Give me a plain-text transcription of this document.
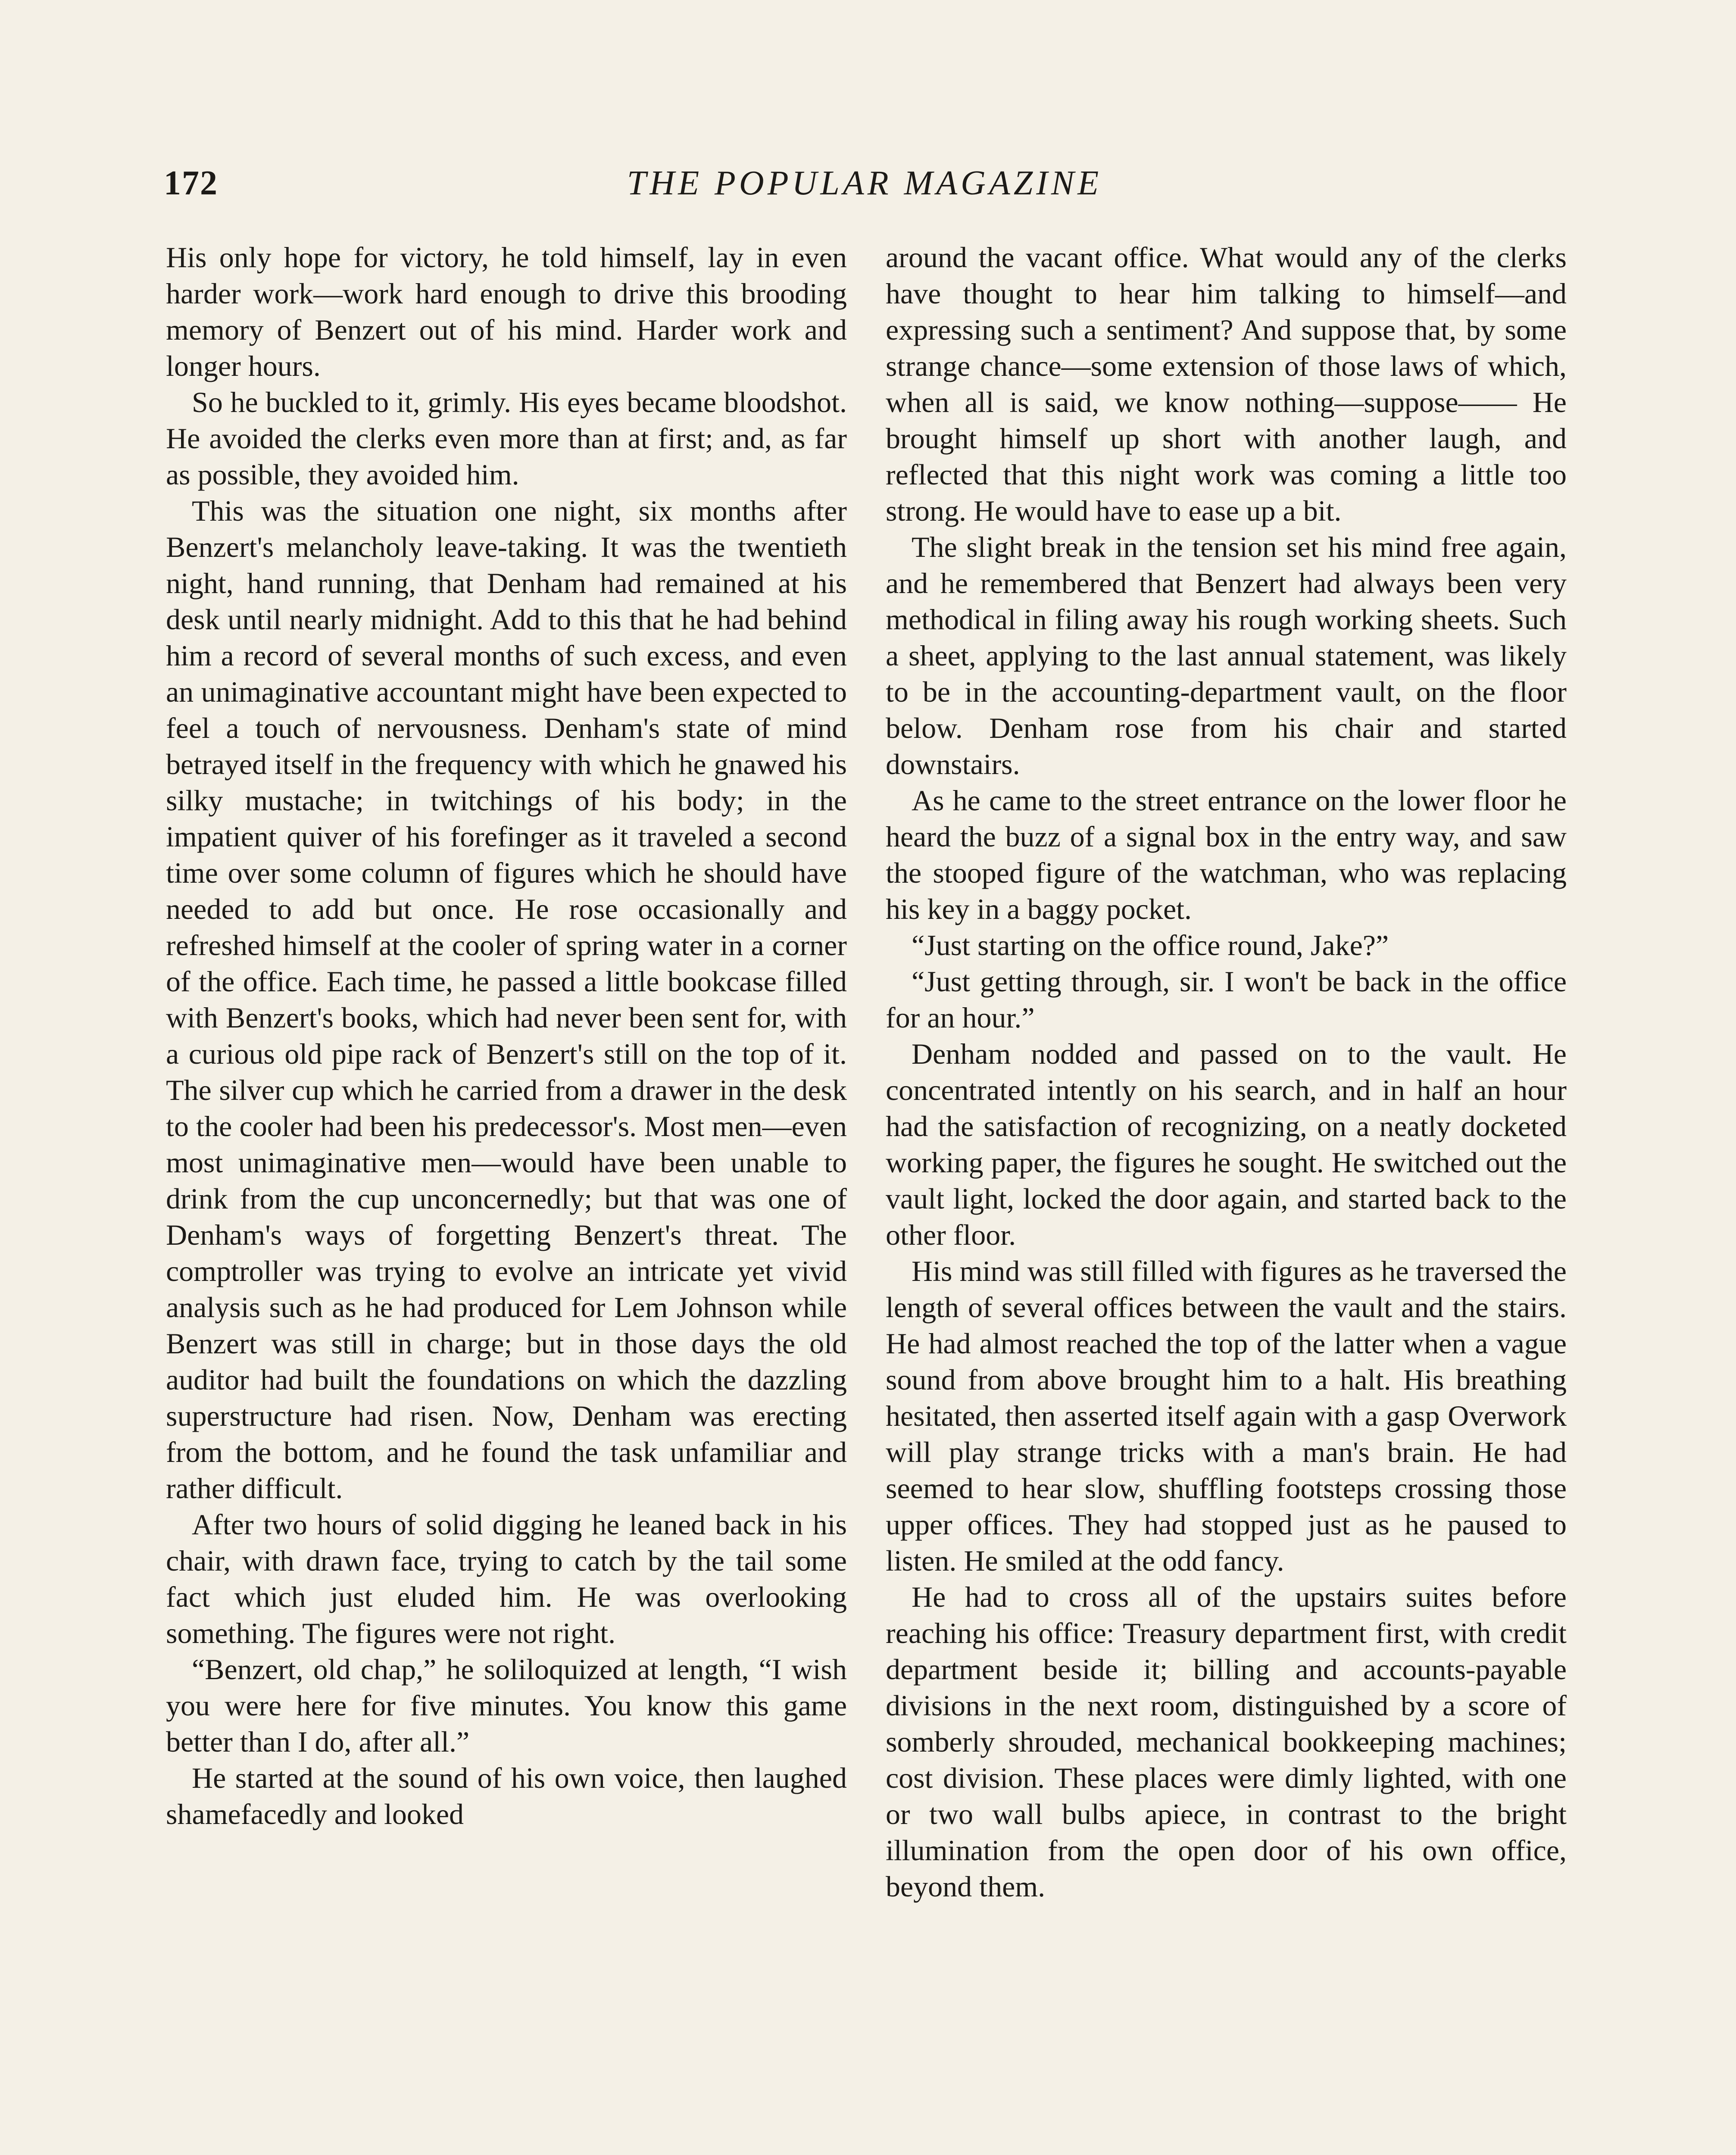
172	THE POPULAR MAGAZINE

His only hope for victory, he told himself, lay in even harder work—work hard enough to drive this brooding memory of Benzert out of his mind. Harder work and longer hours.

So he buckled to it, grimly. His eyes became bloodshot. He avoided the clerks even more than at first; and, as far as possible, they avoided him.

This was the situation one night, six months after Benzert's melancholy leave-taking. It was the twentieth night, hand running, that Denham had remained at his desk until nearly midnight. Add to this that he had behind him a record of several months of such excess, and even an unimaginative accountant might have been expected to feel a touch of nervousness. Denham's state of mind betrayed itself in the frequency with which he gnawed his silky mustache; in twitchings of his body; in the impatient quiver of his forefinger as it traveled a second time over some column of figures which he should have needed to add but once. He rose occasionally and refreshed himself at the cooler of spring water in a corner of the office. Each time, he passed a little bookcase filled with Benzert's books, which had never been sent for, with a curious old pipe rack of Benzert's still on the top of it. The silver cup which he carried from a drawer in the desk to the cooler had been his predecessor's. Most men—even most unimaginative men—would have been unable to drink from the cup unconcernedly; but that was one of Denham's ways of forgetting Benzert's threat. The comptroller was trying to evolve an intricate yet vivid analysis such as he had produced for Lem Johnson while Benzert was still in charge; but in those days the old auditor had built the foundations on which the dazzling superstructure had risen. Now, Denham was erecting from the bottom, and he found the task unfamiliar and rather difficult.

After two hours of solid digging he leaned back in his chair, with drawn face, trying to catch by the tail some fact which just eluded him. He was overlooking something. The figures were not right.

“Benzert, old chap,” he soliloquized at length, “I wish you were here for five minutes. You know this game better than I do, after all.”

He started at the sound of his own voice, then laughed shamefacedly and looked

around the vacant office. What would any of the clerks have thought to hear him talking to himself—and expressing such a sentiment? And suppose that, by some strange chance—some extension of those laws of which, when all is said, we know nothing—suppose—— He brought himself up short with another laugh, and reflected that this night work was coming a little too strong. He would have to ease up a bit.

The slight break in the tension set his mind free again, and he remembered that Benzert had always been very methodical in filing away his rough working sheets. Such a sheet, applying to the last annual statement, was likely to be in the accounting-department vault, on the floor below. Denham rose from his chair and started downstairs.

As he came to the street entrance on the lower floor he heard the buzz of a signal box in the entry way, and saw the stooped figure of the watchman, who was replacing his key in a baggy pocket.

“Just starting on the office round, Jake?”

“Just getting through, sir. I won't be back in the office for an hour.”

Denham nodded and passed on to the vault. He concentrated intently on his search, and in half an hour had the satisfaction of recognizing, on a neatly docketed working paper, the figures he sought. He switched out the vault light, locked the door again, and started back to the other floor.

His mind was still filled with figures as he traversed the length of several offices between the vault and the stairs. He had almost reached the top of the latter when a vague sound from above brought him to a halt. His breathing hesitated, then asserted itself again with a gasp Overwork will play strange tricks with a man's brain. He had seemed to hear slow, shuffling footsteps crossing those upper offices. They had stopped just as he paused to listen. He smiled at the odd fancy.

He had to cross all of the upstairs suites before reaching his office: Treasury department first, with credit department beside it; billing and accounts-payable divisions in the next room, distinguished by a score of somberly shrouded, mechanical bookkeeping machines; cost division. These places were dimly lighted, with one or two wall bulbs apiece, in contrast to the bright illumination from the open door of his own office, beyond them.
